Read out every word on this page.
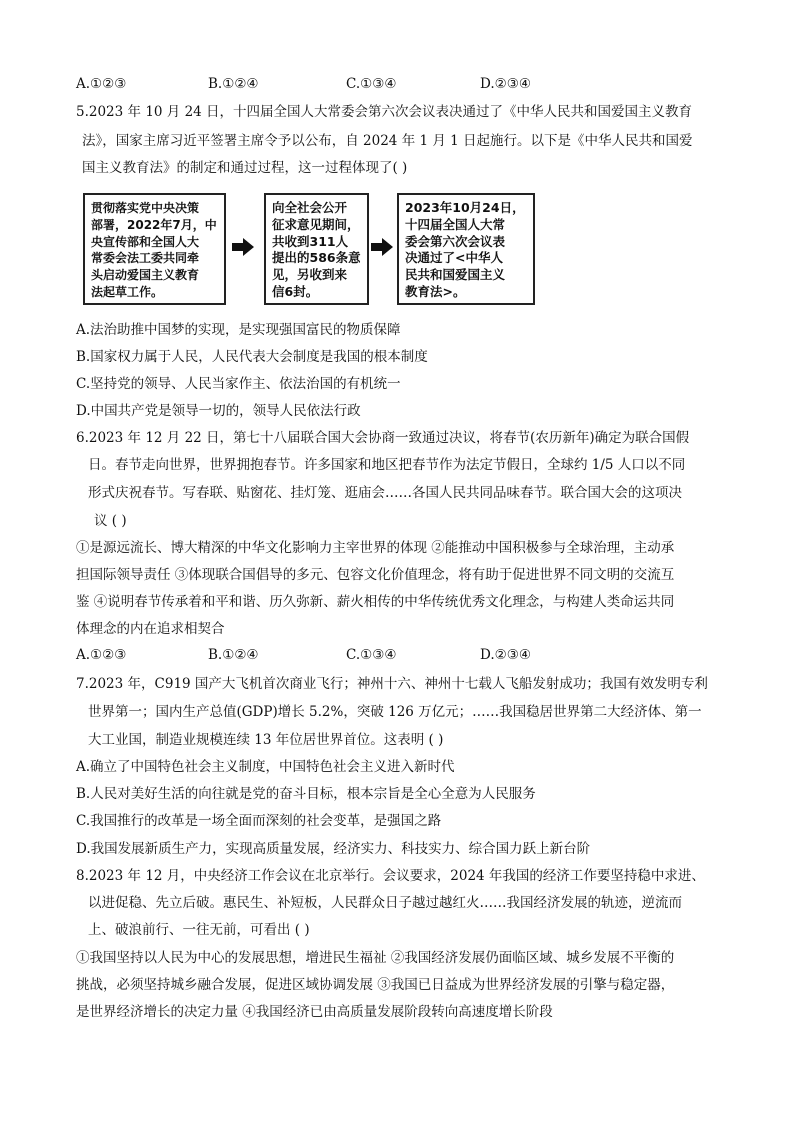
A.①②③	B.①②④	C.①③④	D.②③④
5.2023 年 10 月 24 日，十四届全国人大常委会第六次会议表决通过了《中华人民共和国爱国主义教育
法》，国家主席习近平签署主席令予以公布，自 2024 年 1 月 1 日起施行。以下是《中华人民共和国爱
国主义教育法》的制定和通过过程，这一过程体现了( )
贯彻落实党中央决策
部署，2022年7月，中
央宣传部和全国人大
常委会法工委共同牵
头启动爱国主义教育
法起草工作。
向全社会公开
征求意见期间，
共收到311人
提出的586条意
见，另收到来
信6封。
2023年10月24日，
十四届全国人大常
委会第六次会议表
决通过了<中华人
民共和国爱国主义
教育法>。
A.法治助推中国梦的实现，是实现强国富民的物质保障
B.国家权力属于人民，人民代表大会制度是我国的根本制度
C.坚持党的领导、人民当家作主、依法治国的有机统一
D.中国共产党是领导一切的，领导人民依法行政
6.2023 年 12 月 22 日，第七十八届联合国大会协商一致通过决议，将春节(农历新年)确定为联合国假
日。春节走向世界，世界拥抱春节。许多国家和地区把春节作为法定节假日，全球约 1/5 人口以不同
形式庆祝春节。写春联、贴窗花、挂灯笼、逛庙会……各国人民共同品味春节。联合国大会的这项决
议 ( )
①是源远流长、博大精深的中华文化影响力主宰世界的体现 ②能推动中国积极参与全球治理，主动承
担国际领导责任 ③体现联合国倡导的多元、包容文化价值理念，将有助于促进世界不同文明的交流互
鉴 ④说明春节传承着和平和谐、历久弥新、薪火相传的中华传统优秀文化理念，与构建人类命运共同
体理念的内在追求相契合
A.①②③	B.①②④	C.①③④	D.②③④
7.2023 年，C919 国产大飞机首次商业飞行；神州十六、神州十七载人飞船发射成功；我国有效发明专利
世界第一；国内生产总值(GDP)增长 5.2%，突破 126 万亿元；……我国稳居世界第二大经济体、第一
大工业国，制造业规模连续 13 年位居世界首位。这表明 ( )
A.确立了中国特色社会主义制度，中国特色社会主义进入新时代
B.人民对美好生活的向往就是党的奋斗目标，根本宗旨是全心全意为人民服务
C.我国推行的改革是一场全面而深刻的社会变革，是强国之路
D.我国发展新质生产力，实现高质量发展，经济实力、科技实力、综合国力跃上新台阶
8.2023 年 12 月，中央经济工作会议在北京举行。会议要求，2024 年我国的经济工作要坚持稳中求进、
以进促稳、先立后破。惠民生、补短板，人民群众日子越过越红火……我国经济发展的轨迹，逆流而
上、破浪前行、一往无前，可看出 ( )
①我国坚持以人民为中心的发展思想，增进民生福祉 ②我国经济发展仍面临区域、城乡发展不平衡的
挑战，必须坚持城乡融合发展，促进区域协调发展 ③我国已日益成为世界经济发展的引擎与稳定器，
是世界经济增长的决定力量 ④我国经济已由高质量发展阶段转向高速度增长阶段
